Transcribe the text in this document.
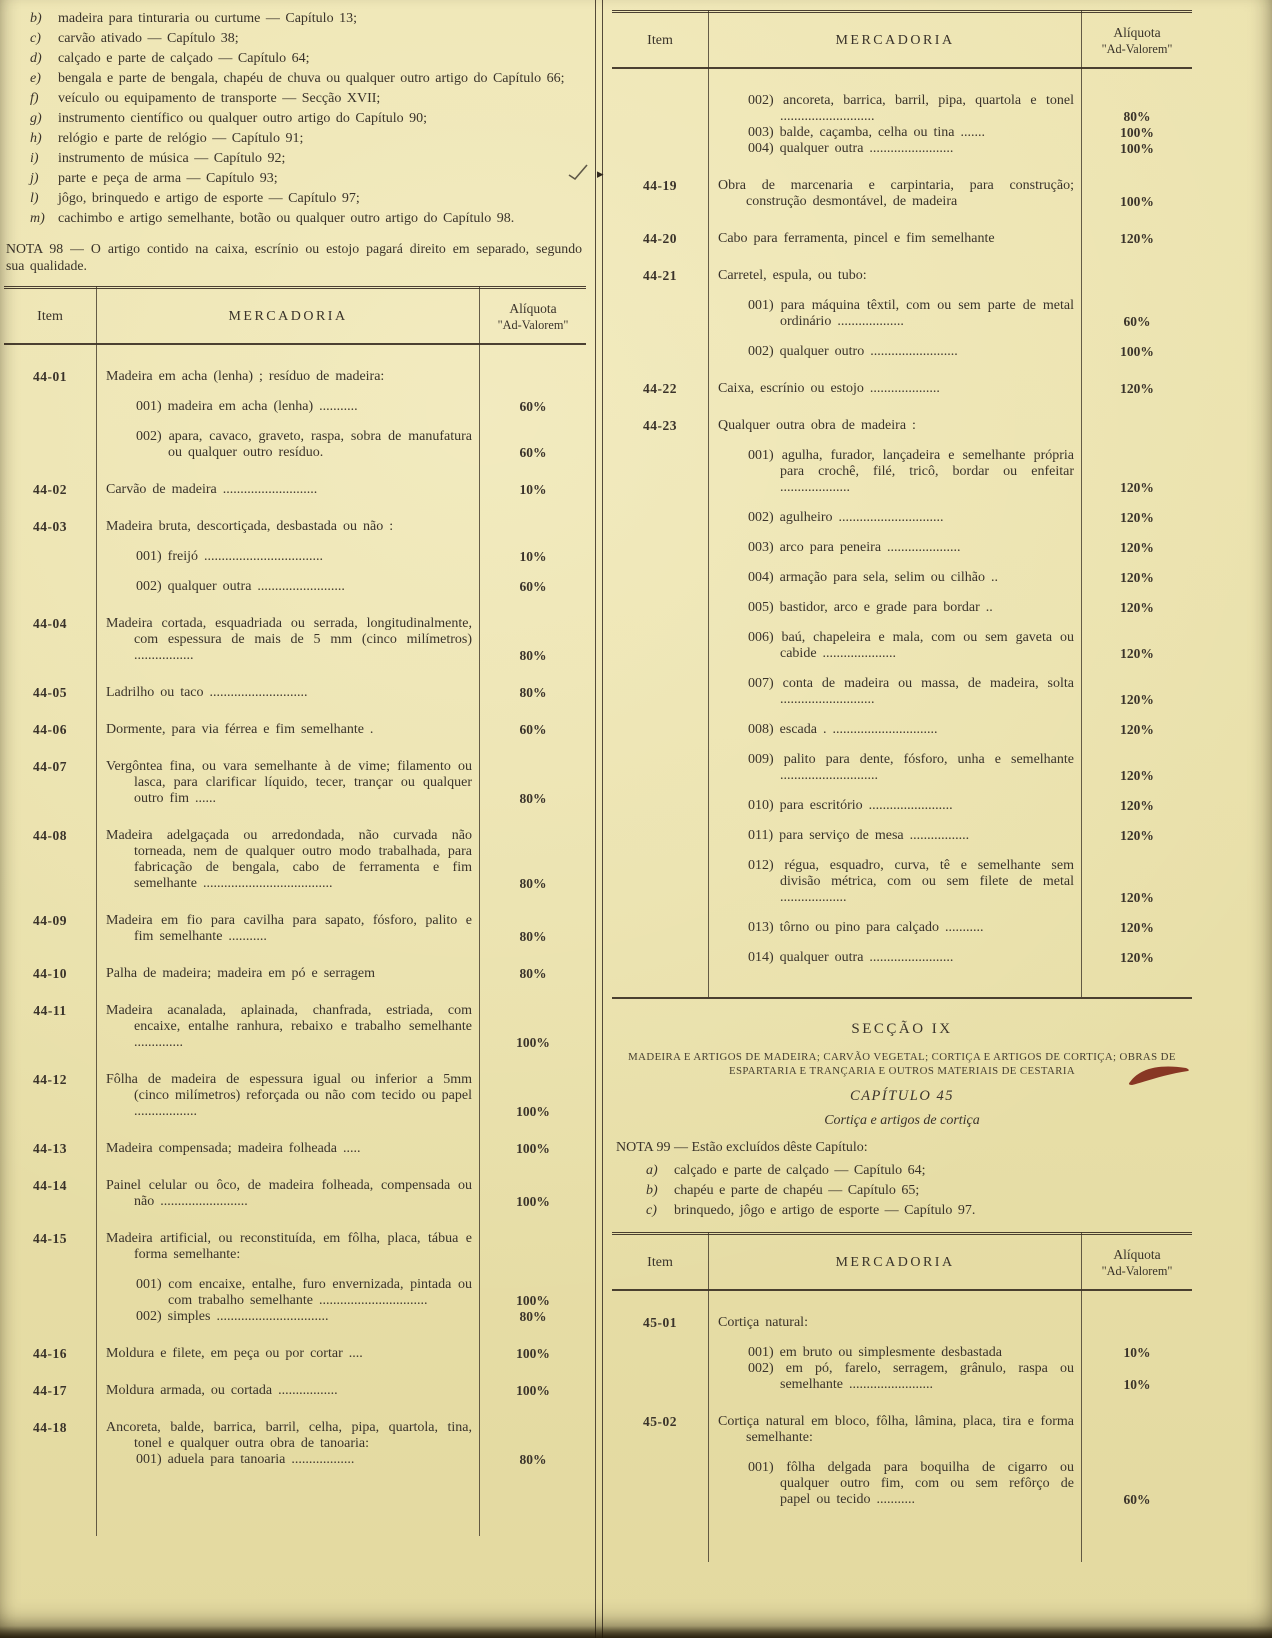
b)	madeira para tinturaria ou curtume — Capítulo 13;
c)	carvão ativado — Capítulo 38;
d)	calçado e parte de calçado — Capítulo 64;
e)	bengala e parte de bengala, chapéu de chuva ou qualquer outro artigo do Capítulo 66;
f)	veículo ou equipamento de transporte — Secção XVII;
g)	instrumento científico ou qualquer outro artigo do Capítulo 90;
h)	relógio e parte de relógio — Capítulo 91;
i)	instrumento de música — Capítulo 92;
j)	parte e peça de arma — Capítulo 93;
l)	jôgo, brinquedo e artigo de esporte — Capítulo 97;
m) cachimbo e artigo semelhante, botão ou qualquer outro artigo do Capítulo 98.

NOTA 98 — O artigo contido na caixa, escrínio ou estojo pagará direito em separado, segundo sua qualidade.

Item	MERCADORIA
Alíquota
"Ad-Valorem"
44-01	Madeira em acha (lenha) ; resíduo de madeira:
001) madeira em acha (lenha) ...........	60%
002) apara, cavaco, graveto, raspa, sobra de manufatura ou qualquer outro resíduo.	60%
44-02	Carvão de madeira ...........................	10%
44-03	Madeira bruta, descortiçada, desbastada ou não :
001) freijó ..................................	10%
002) qualquer outra .........................	60%
44-04	Madeira cortada, esquadriada ou serrada, longitudinalmente, com espessura de mais de 5 mm (cinco milímetros) .................	80%
44-05	Ladrilho ou taco ............................	80%
44-06	Dormente, para via férrea e fim semelhante .	60%
44-07	Vergôntea fina, ou vara semelhante à de vime; filamento ou lasca, para clarificar líquido, tecer, trançar ou qualquer outro fim ......	80%
44-08	Madeira adelgaçada ou arredondada, não curvada não torneada, nem de qualquer outro modo trabalhada, para fabricação de bengala, cabo de ferramenta e fim semelhante .....................................	80%
44-09	Madeira em fio para cavilha para sapato, fósforo, palito e fim semelhante ...........	80%
44-10	Palha de madeira; madeira em pó e serragem	80%
44-11	Madeira acanalada, aplainada, chanfrada, estriada, com encaixe, entalhe ranhura, rebaixo e trabalho semelhante ..............	100%
44-12	Fôlha de madeira de espessura igual ou inferior a 5mm (cinco milímetros) reforçada ou não com tecido ou papel ..................	100%
44-13	Madeira compensada; madeira folheada .....	100%
44-14	Painel celular ou ôco, de madeira folheada, compensada ou não .........................	100%
44-15	Madeira artificial, ou reconstituída, em fôlha, placa, tábua e forma semelhante:
001) com encaixe, entalhe, furo envernizada, pintada ou com trabalho semelhante ...............................	100%
002) simples ................................	80%
44-16	Moldura e filete, em peça ou por cortar ....	100%
44-17	Moldura armada, ou cortada .................	100%
44-18	Ancoreta, balde, barrica, barril, celha, pipa, quartola, tina, tonel e qualquer outra obra de tanoaria:
001) aduela para tanoaria ..................	80%
Item	MERCADORIA
Alíquota
"Ad-Valorem"
002) ancoreta, barrica, barril, pipa, quartola e tonel ...........................	80%
003) balde, caçamba, celha ou tina .......	100%
004) qualquer outra ........................	100%
44-19	Obra de marcenaria e carpintaria, para construção; construção desmontável, de madeira	100%
44-20	Cabo para ferramenta, pincel e fim semelhante	120%
44-21	Carretel, espula, ou tubo:
001) para máquina têxtil, com ou sem parte de metal ordinário ...................	60%
002) qualquer outro .........................	100%
44-22	Caixa, escrínio ou estojo ....................	120%
44-23	Qualquer outra obra de madeira :
001) agulha, furador, lançadeira e semelhante própria para crochê, filé, tricô, bordar ou enfeitar ....................	120%
002) agulheiro ..............................	120%
003) arco para peneira .....................	120%
004) armação para sela, selim ou cilhão ..	120%
005) bastidor, arco e grade para bordar ..	120%
006) baú, chapeleira e mala, com ou sem gaveta ou cabide .....................	120%
007) conta de madeira ou massa, de madeira, solta ...........................	120%
008) escada . ..............................	120%
009) palito para dente, fósforo, unha e semelhante ............................	120%
010) para escritório ........................	120%
011) para serviço de mesa .................	120%
012) régua, esquadro, curva, tê e semelhante sem divisão métrica, com ou sem filete de metal ...................	120%
013) tôrno ou pino para calçado ...........	120%
014) qualquer outra ........................	120%
SECÇÃO IX
MADEIRA E ARTIGOS DE MADEIRA; CARVÃO VEGETAL; CORTIÇA E ARTIGOS DE CORTIÇA; OBRAS DE ESPARTARIA E TRANÇARIA E OUTROS MATERIAIS DE CESTARIA
CAPÍTULO 45
Cortiça e artigos de cortiça
NOTA 99 — Estão excluídos dêste Capítulo:
a)	calçado e parte de calçado — Capítulo 64;
b)	chapéu e parte de chapéu — Capítulo 65;
c)	brinquedo, jôgo e artigo de esporte — Capítulo 97.
Item	MERCADORIA
Alíquota
"Ad-Valorem"
45-01	Cortiça natural:
001) em bruto ou simplesmente desbastada	10%
002) em pó, farelo, serragem, grânulo, raspa ou semelhante ........................	10%
45-02	Cortiça natural em bloco, fôlha, lâmina, placa, tira e forma semelhante:
001) fôlha delgada para boquilha de cigarro ou qualquer outro fim, com ou sem refôrço de papel ou tecido ...........	60%
▸
